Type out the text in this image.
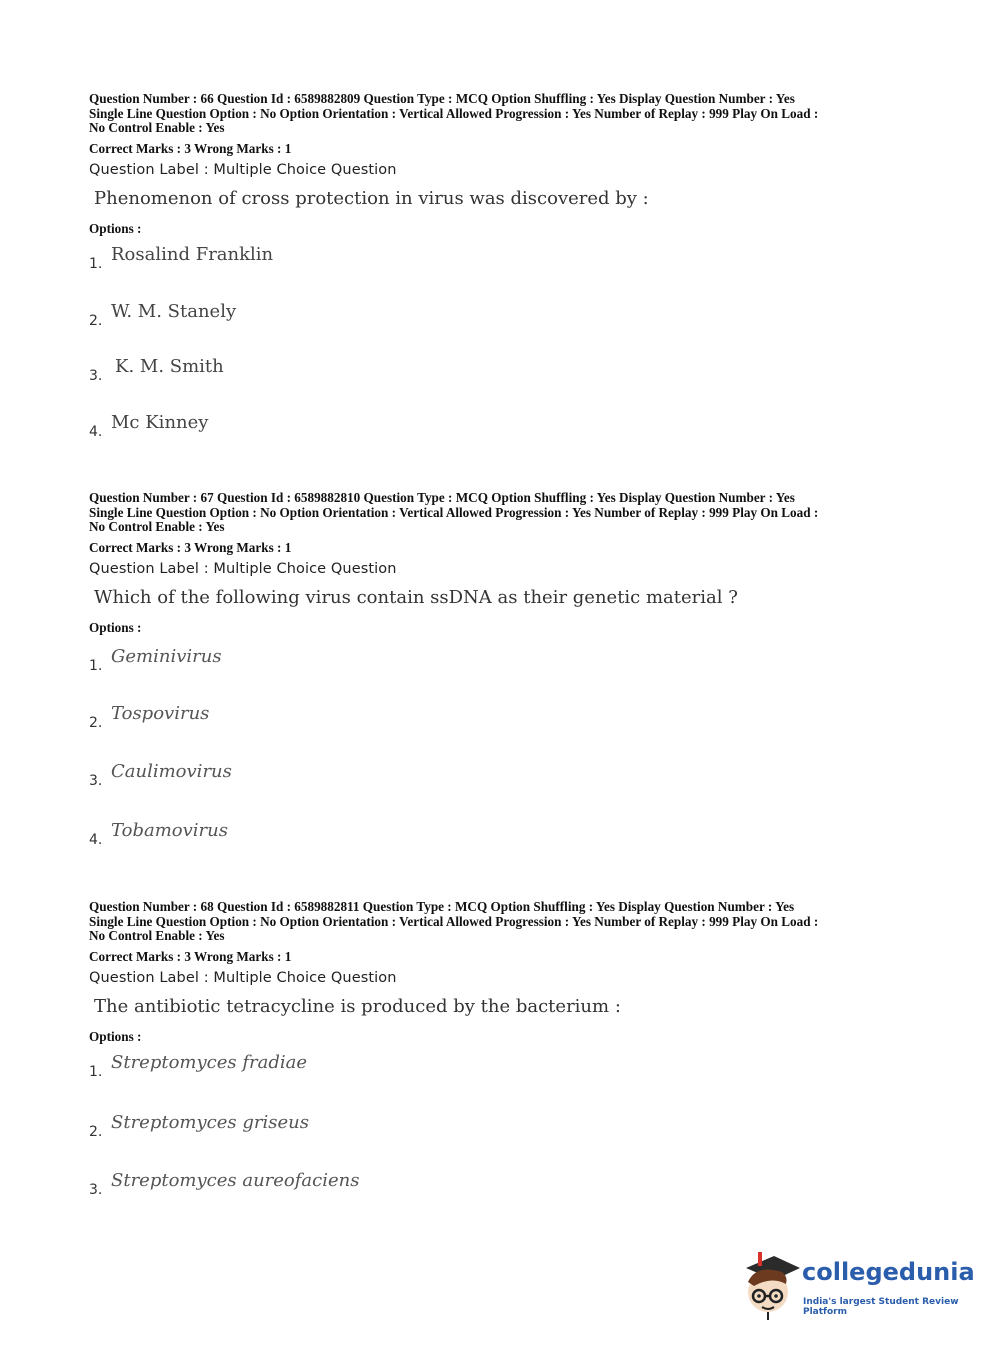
Question Number : 66 Question Id : 6589882809 Question Type : MCQ Option Shuffling : Yes Display Question Number : Yes
Single Line Question Option : No Option Orientation : Vertical Allowed Progression : Yes Number of Replay : 999 Play On Load :
No Control Enable : Yes
Correct Marks : 3 Wrong Marks : 1
Question Label : Multiple Choice Question
Phenomenon of cross protection in virus was discovered by :
Options :
1. Rosalind Franklin
2. W. M. Stanely
3. K. M. Smith
4. Mc Kinney
Question Number : 67 Question Id : 6589882810 Question Type : MCQ Option Shuffling : Yes Display Question Number : Yes
Single Line Question Option : No Option Orientation : Vertical Allowed Progression : Yes Number of Replay : 999 Play On Load :
No Control Enable : Yes
Correct Marks : 3 Wrong Marks : 1
Question Label : Multiple Choice Question
Which of the following virus contain ssDNA as their genetic material ?
Options :
1. Geminivirus
2. Tospovirus
3. Caulimovirus
4. Tobamovirus
Question Number : 68 Question Id : 6589882811 Question Type : MCQ Option Shuffling : Yes Display Question Number : Yes
Single Line Question Option : No Option Orientation : Vertical Allowed Progression : Yes Number of Replay : 999 Play On Load :
No Control Enable : Yes
Correct Marks : 3 Wrong Marks : 1
Question Label : Multiple Choice Question
The antibiotic tetracycline is produced by the bacterium :
Options :
1. Streptomyces fradiae
2. Streptomyces griseus
3. Streptomyces aureofaciens
collegedunia
India's largest Student Review Platform
